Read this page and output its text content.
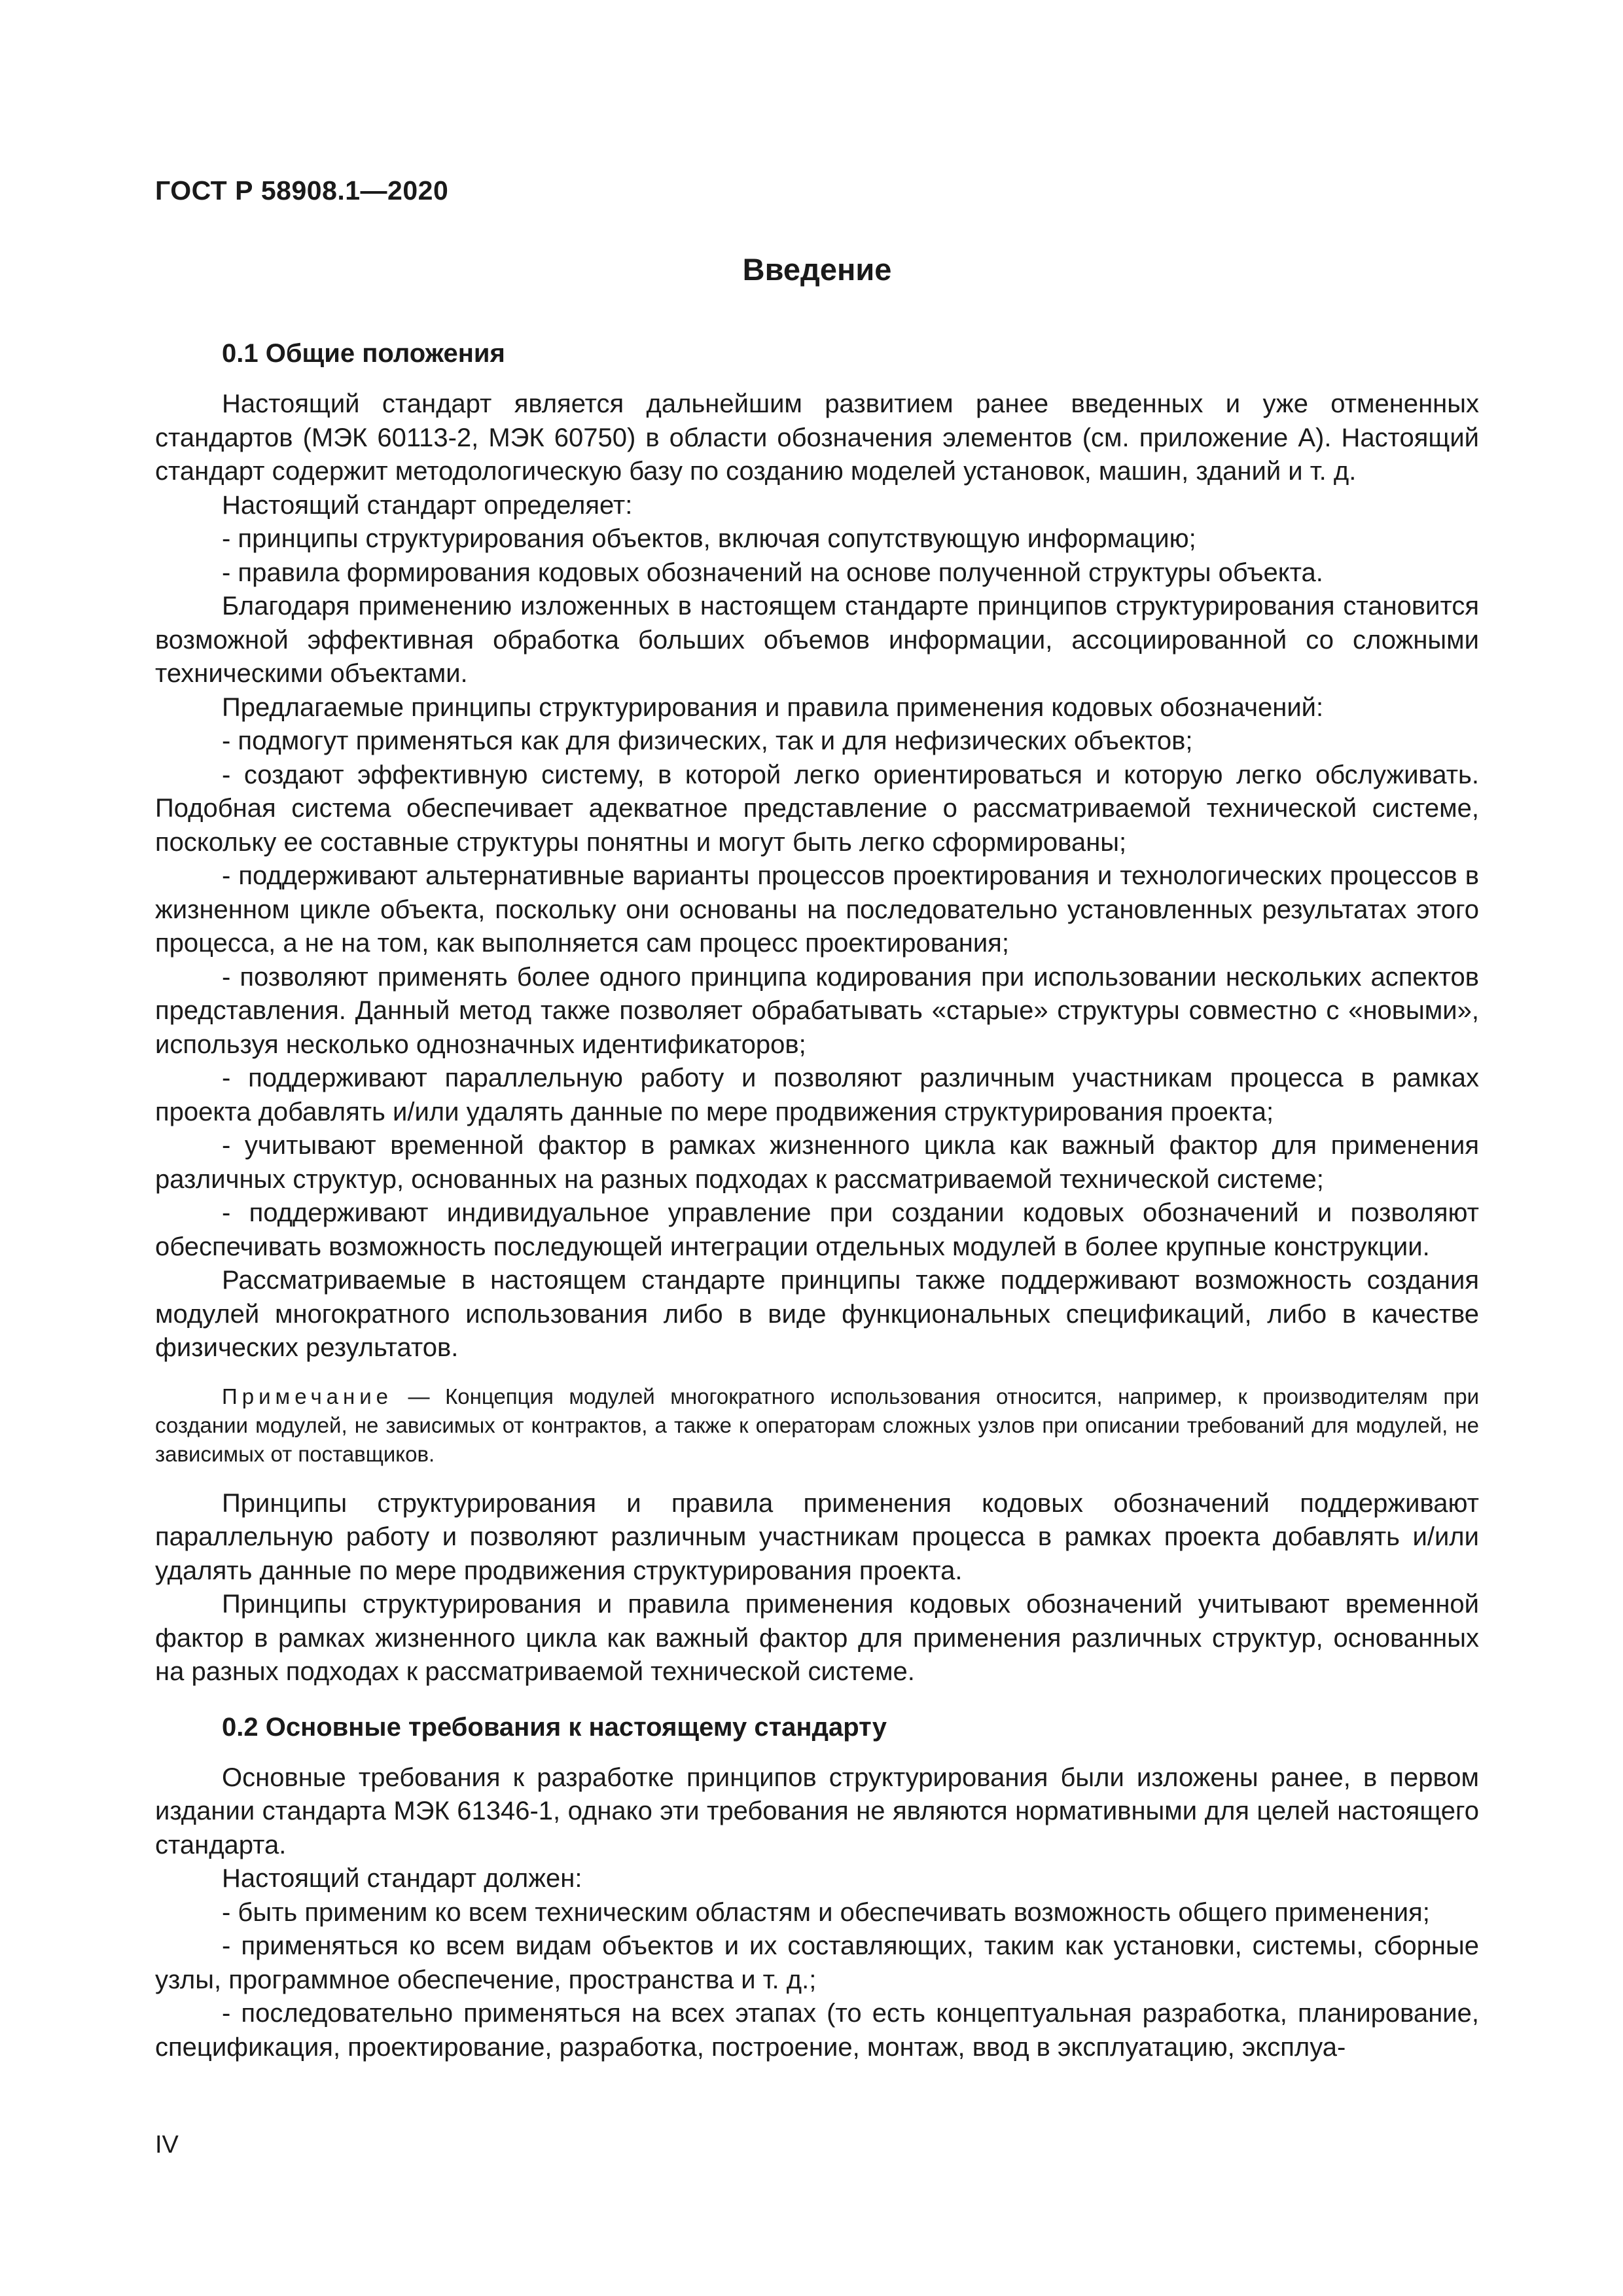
ГОСТ Р 58908.1—2020
Введение
0.1 Общие положения

Настоящий стандарт является дальнейшим развитием ранее введенных и уже отмененных стандартов (МЭК 60113-2, МЭК 60750) в области обозначения элементов (см. приложение А). Настоящий стандарт содержит методологическую базу по созданию моделей установок, машин, зданий и т. д.

Настоящий стандарт определяет:

- принципы структурирования объектов, включая сопутствующую информацию;

- правила формирования кодовых обозначений на основе полученной структуры объекта.

Благодаря применению изложенных в настоящем стандарте принципов структурирования становится возможной эффективная обработка больших объемов информации, ассоциированной со сложными техническими объектами.

Предлагаемые принципы структурирования и правила применения кодовых обозначений:

- подмогут применяться как для физических, так и для нефизических объектов;

- создают эффективную систему, в которой легко ориентироваться и которую легко обслуживать. Подобная система обеспечивает адекватное представление о рассматриваемой технической системе, поскольку ее составные структуры понятны и могут быть легко сформированы;

- поддерживают альтернативные варианты процессов проектирования и технологических процессов в жизненном цикле объекта, поскольку они основаны на последовательно установленных результатах этого процесса, а не на том, как выполняется сам процесс проектирования;

- позволяют применять более одного принципа кодирования при использовании нескольких аспектов представления. Данный метод также позволяет обрабатывать «старые» структуры совместно с «новыми», используя несколько однозначных идентификаторов;

- поддерживают параллельную работу и позволяют различным участникам процесса в рамках проекта добавлять и/или удалять данные по мере продвижения структурирования проекта;

- учитывают временной фактор в рамках жизненного цикла как важный фактор для применения различных структур, основанных на разных подходах к рассматриваемой технической системе;

- поддерживают индивидуальное управление при создании кодовых обозначений и позволяют обеспечивать возможность последующей интеграции отдельных модулей в более крупные конструкции.

Рассматриваемые в настоящем стандарте принципы также поддерживают возможность создания модулей многократного использования либо в виде функциональных спецификаций, либо в качестве физических результатов.

Примечание — Концепция модулей многократного использования относится, например, к производителям при создании модулей, не зависимых от контрактов, а также к операторам сложных узлов при описании требований для модулей, не зависимых от поставщиков.

Принципы структурирования и правила применения кодовых обозначений поддерживают параллельную работу и позволяют различным участникам процесса в рамках проекта добавлять и/или удалять данные по мере продвижения структурирования проекта.

Принципы структурирования и правила применения кодовых обозначений учитывают временной фактор в рамках жизненного цикла как важный фактор для применения различных структур, основанных на разных подходах к рассматриваемой технической системе.

0.2 Основные требования к настоящему стандарту

Основные требования к разработке принципов структурирования были изложены ранее, в первом издании стандарта МЭК 61346-1, однако эти требования не являются нормативными для целей настоящего стандарта.

Настоящий стандарт должен:

- быть применим ко всем техническим областям и обеспечивать возможность общего применения;

- применяться ко всем видам объектов и их составляющих, таким как установки, системы, сборные узлы, программное обеспечение, пространства и т. д.;

- последовательно применяться на всех этапах (то есть концептуальная разработка, планирование, спецификация, проектирование, разработка, построение, монтаж, ввод в эксплуатацию, эксплуа-

IV
